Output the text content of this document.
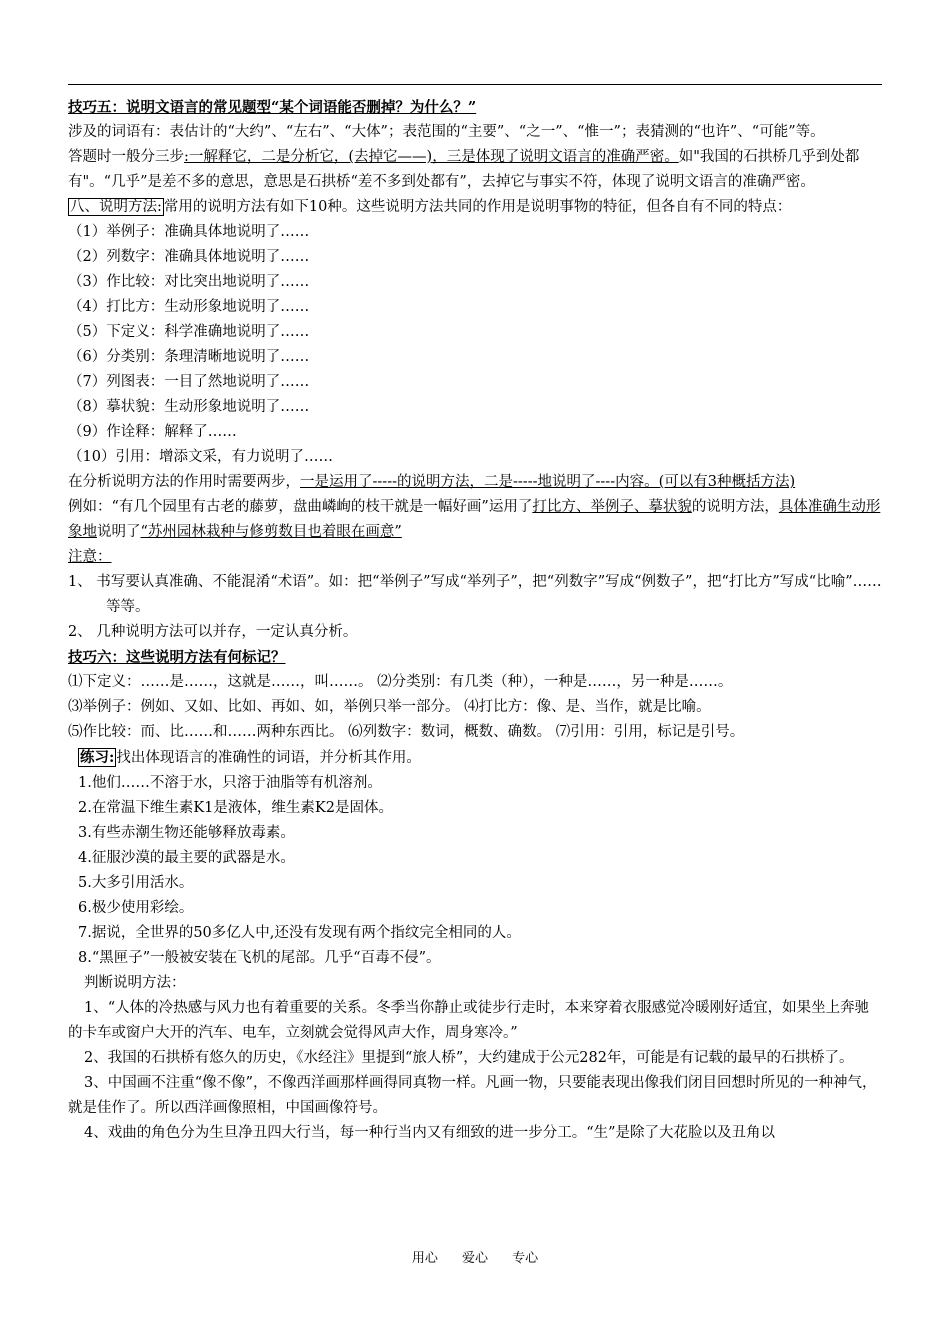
技巧五：说明文语言的常见题型“某个词语能否删掉？为什么？”
涉及的词语有：表估计的“大约”、“左右”、“大体”；表范围的“主要”、“之一”、“惟一”；表猜测的“也许”、“可能”等。
答题时一般分三步:一解释它，二是分析它，(去掉它——)，三是体现了说明文语言的准确严密。如"我国的石拱桥几乎到处都有"。“几乎”是差不多的意思，意思是石拱桥“差不多到处都有”，去掉它与事实不符，体现了说明文语言的准确严密。
八、说明方法: 常用的说明方法有如下10种。这些说明方法共同的作用是说明事物的特征，但各自有不同的特点：
（1）举例子：准确具体地说明了……
（2）列数字：准确具体地说明了……
（3）作比较：对比突出地说明了……
（4）打比方：生动形象地说明了……
（5）下定义：科学准确地说明了……
（6）分类别：条理清晰地说明了……
（7）列图表：一目了然地说明了……
（8）摹状貌：生动形象地说明了……
（9）作诠释：解释了……
（10）引用：增添文采，有力说明了……
在分析说明方法的作用时需要两步，一是运用了-----的说明方法，二是-----地说明了----内容。(可以有3种概括方法)
例如：“有几个园里有古老的藤萝，盘曲嶙峋的枝干就是一幅好画”运用了打比方、举例子、摹状貌的说明方法，具体准确生动形象地说明了“苏州园林栽种与修剪数目也着眼在画意”
注意：
1、 书写要认真准确、不能混淆“术语”。如：把“举例子”写成“举列子”，把“列数字”写成“例数子”，把“打比方”写成“比喻”……等等。
2、 几种说明方法可以并存，一定认真分析。
技巧六：这些说明方法有何标记？
⑴下定义：……是……，这就是……，叫……。 ⑵分类别：有几类（种），一种是……，另一种是……。
⑶举例子：例如、又如、比如、再如、如，举例只举一部分。 ⑷打比方：像、是、当作，就是比喻。
⑸作比较：而、比……和……两种东西比。 ⑹列数字：数词，概数、确数。 ⑺引用：引用，标记是引号。
练习: 找出体现语言的准确性的词语，并分析其作用。
1.他们……不溶于水，只溶于油脂等有机溶剂。
2.在常温下维生素K1是液体，维生素K2是固体。
3.有些赤潮生物还能够释放毒素。
4.征服沙漠的最主要的武器是水。
5.大多引用活水。
6.极少使用彩绘。
7.据说，全世界的50多亿人中,还没有发现有两个指纹完全相同的人。
8.“黑匣子”一般被安装在飞机的尾部。几乎“百毒不侵”。
判断说明方法：
1、“人体的冷热感与风力也有着重要的关系。冬季当你静止或徒步行走时，本来穿着衣服感觉冷暖刚好适宜，如果坐上奔驰的卡车或窗户大开的汽车、电车，立刻就会觉得风声大作，周身寒冷。”
2、我国的石拱桥有悠久的历史，《水经注》里提到“旅人桥”，大约建成于公元282年，可能是有记载的最早的石拱桥了。
3、中国画不注重“像不像”，不像西洋画那样画得同真物一样。凡画一物，只要能表现出像我们闭目回想时所见的一种神气，就是佳作了。所以西洋画像照相，中国画像符号。
4、戏曲的角色分为生旦净丑四大行当，每一种行当内又有细致的进一步分工。“生”是除了大花脸以及丑角以
用心 爱心 专心
